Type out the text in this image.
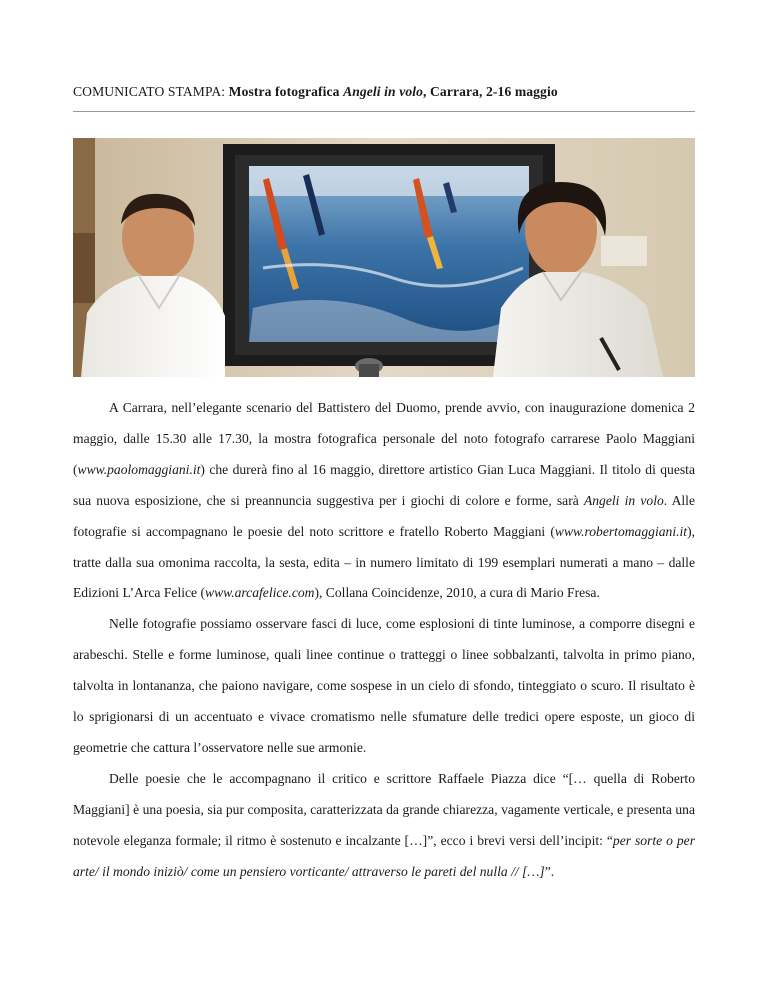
COMUNICATO STAMPA: Mostra fotografica Angeli in volo, Carrara, 2-16 maggio

A Carrara, nell’elegante scenario del Battistero del Duomo, prende avvio, con inaugurazione domenica 2 maggio, dalle 15.30 alle 17.30, la mostra fotografica personale del noto fotografo carrarese Paolo Maggiani (www.paolomaggiani.it) che durerà fino al 16 maggio, direttore artistico Gian Luca Maggiani. Il titolo di questa sua nuova esposizione, che si preannuncia suggestiva per i giochi di colore e forme, sarà Angeli in volo. Alle fotografie si accompagnano le poesie del noto scrittore e fratello Roberto Maggiani (www.robertomaggiani.it), tratte dalla sua omonima raccolta, la sesta, edita – in numero limitato di 199 esemplari numerati a mano – dalle Edizioni L’Arca Felice (www.arcafelice.com), Collana Coincidenze, 2010, a cura di Mario Fresa.

Nelle fotografie possiamo osservare fasci di luce, come esplosioni di tinte luminose, a comporre disegni e arabeschi. Stelle e forme luminose, quali linee continue o tratteggi o linee sobbalzanti, talvolta in primo piano, talvolta in lontananza, che paiono navigare, come sospese in un cielo di sfondo, tinteggiato o scuro. Il risultato è lo sprigionarsi di un accentuato e vivace cromatismo nelle sfumature delle tredici opere esposte, un gioco di geometrie che cattura l’osservatore nelle sue armonie.

Delle poesie che le accompagnano il critico e scrittore Raffaele Piazza dice “[… quella di Roberto Maggiani] è una poesia, sia pur composita, caratterizzata da grande chiarezza, vagamente verticale, e presenta una notevole eleganza formale; il ritmo è sostenuto e incalzante […]”, ecco i brevi versi dell’incipit: “per sorte o per arte/ il mondo iniziò/ come un pensiero vorticante/ attraverso le pareti del nulla // […]”.
